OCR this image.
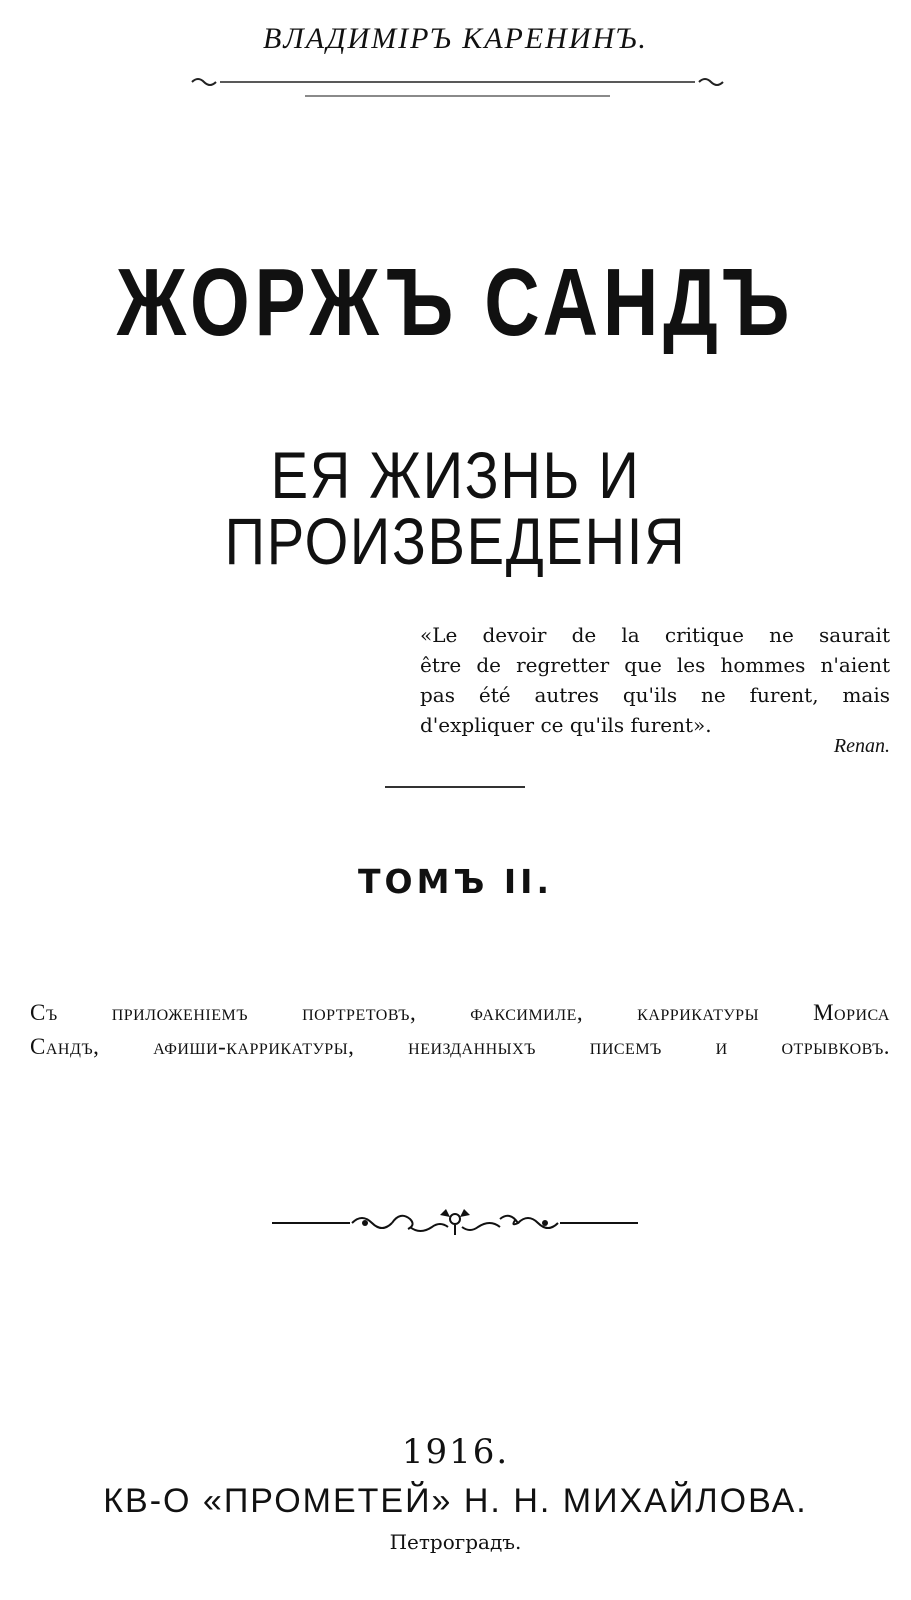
ВЛАДИМІРЪ КАРЕНИНЪ.
ЖОРЖЪ САНДЪ
ЕЯ ЖИЗНЬ И ПРОИЗВЕДЕНІЯ
«Le devoir de la critique ne saurait
être de regretter que les hommes n'aient
pas été autres qu'ils ne furent, mais
d'expliquer ce qu'ils furent».
Renan.
ТОМЪ II.
Съ приложеніемъ портретовъ, факсимиле, каррикатуры Мориса
Сандъ, афиши-каррикатуры, неизданныхъ писемъ и отрывковъ.
1916.
КВ-О «ПРОМЕТЕЙ» Н. Н. МИХАЙЛОВА.
Петроградъ.
